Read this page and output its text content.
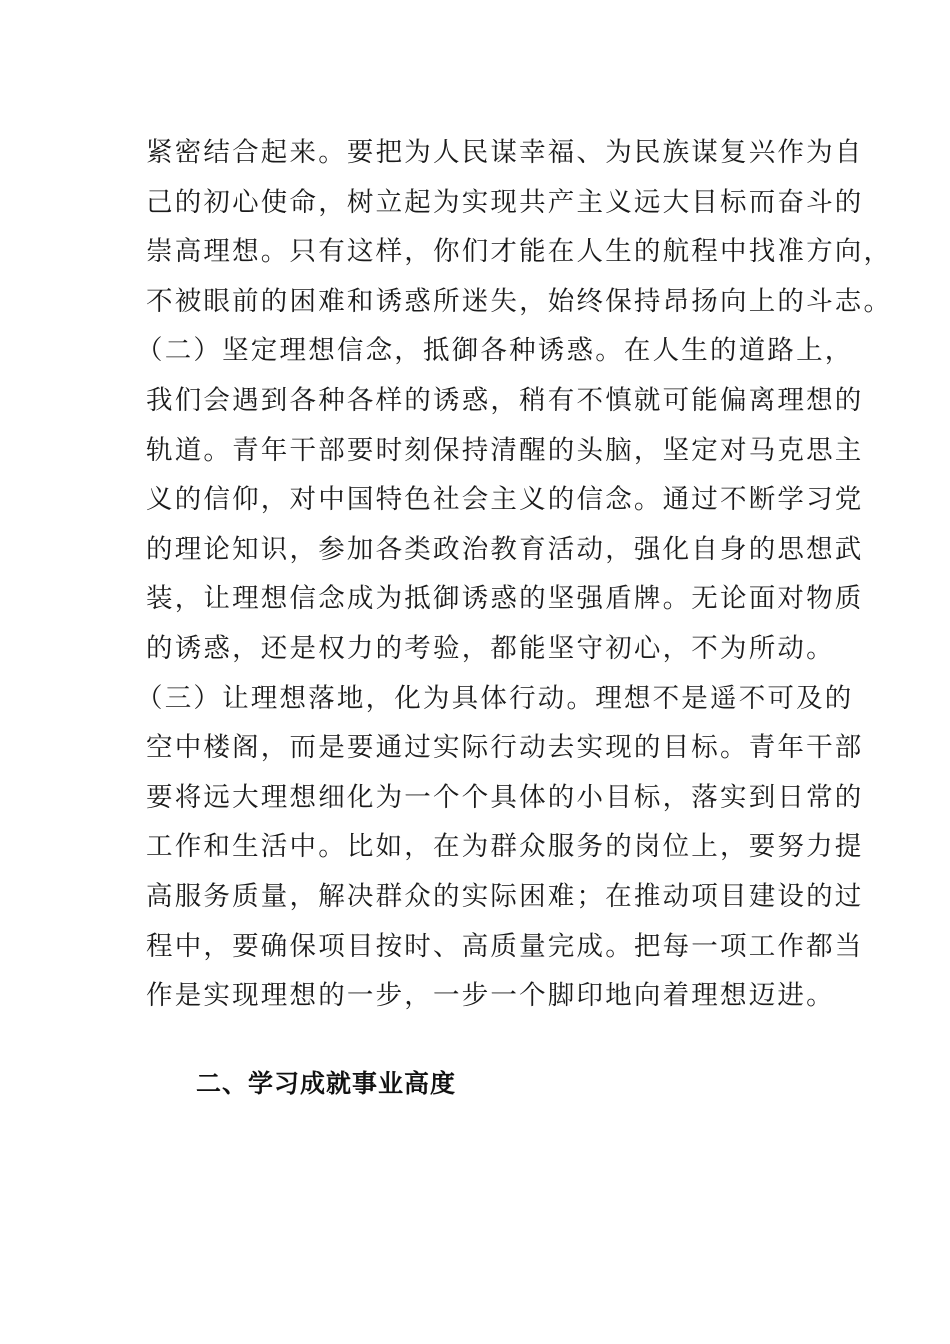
紧密结合起来。要把为人民谋幸福、为民族谋复兴作为自
己的初心使命，树立起为实现共产主义远大目标而奋斗的
崇高理想。只有这样，你们才能在人生的航程中找准方向，
不被眼前的困难和诱惑所迷失，始终保持昂扬向上的斗志。
（二）坚定理想信念，抵御各种诱惑。在人生的道路上，
我们会遇到各种各样的诱惑，稍有不慎就可能偏离理想的
轨道。青年干部要时刻保持清醒的头脑，坚定对马克思主
义的信仰，对中国特色社会主义的信念。通过不断学习党
的理论知识，参加各类政治教育活动，强化自身的思想武
装，让理想信念成为抵御诱惑的坚强盾牌。无论面对物质
的诱惑，还是权力的考验，都能坚守初心，不为所动。
（三）让理想落地，化为具体行动。理想不是遥不可及的
空中楼阁，而是要通过实际行动去实现的目标。青年干部
要将远大理想细化为一个个具体的小目标，落实到日常的
工作和生活中。比如，在为群众服务的岗位上，要努力提
高服务质量，解决群众的实际困难；在推动项目建设的过
程中，要确保项目按时、高质量完成。把每一项工作都当
作是实现理想的一步，一步一个脚印地向着理想迈进。
二、学习成就事业高度
